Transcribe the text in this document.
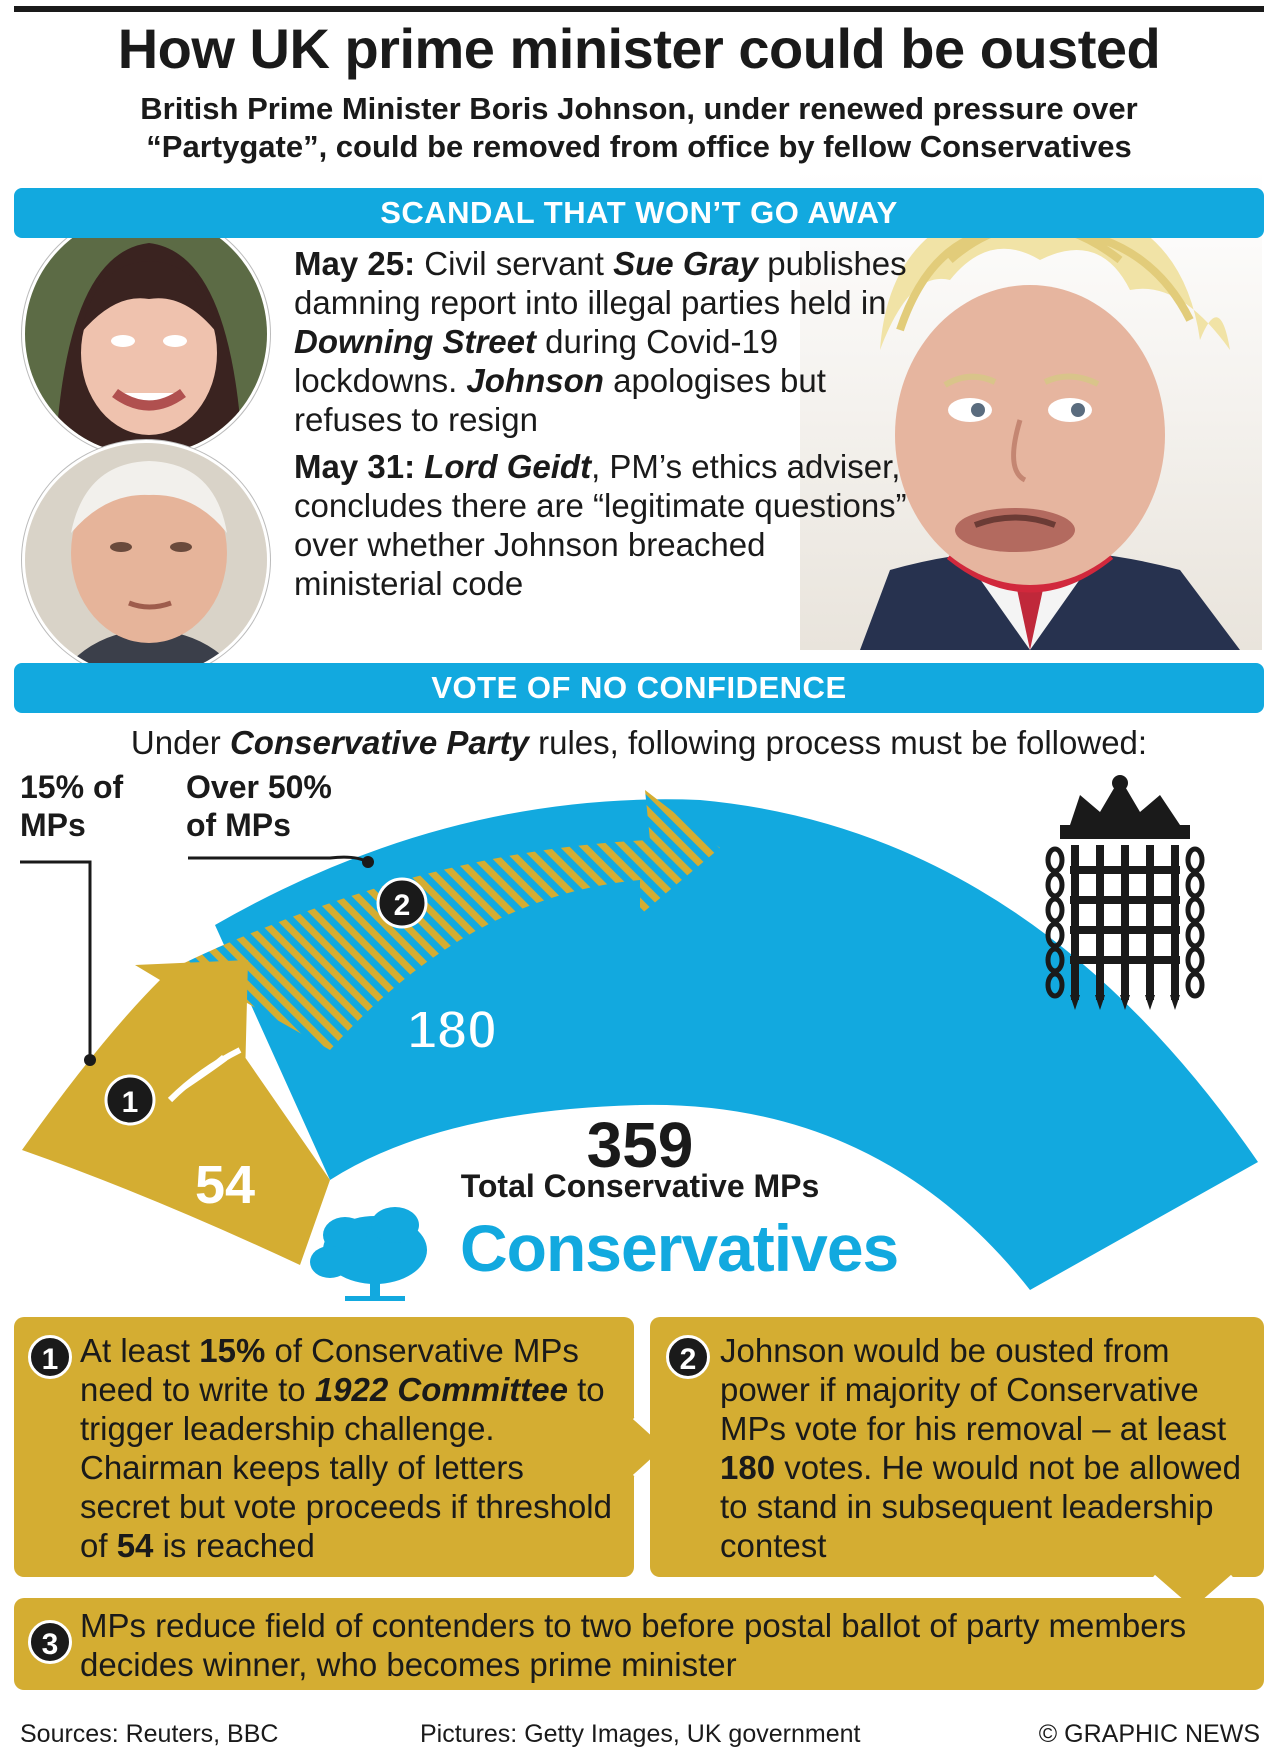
How UK prime minister could be ousted
British Prime Minister Boris Johnson, under renewed pressure over
“Partygate”, could be removed from office by fellow Conservatives
SCANDAL THAT WON’T GO AWAY

May 25: Civil servant Sue Gray publishes damning report into illegal parties held in Downing Street during Covid-19 lockdowns. Johnson apologises but refuses to resign

May 31: Lord Geidt, PM’s ethics adviser, concludes there are “legitimate questions” over whether Johnson breached ministerial code

VOTE OF NO CONFIDENCE
Under Conservative Party rules, following process must be followed:
1
2
54
180
15% of
MPs
Over 50%
of MPs
359
Total Conservative MPs
Conservatives
1 At least 15% of Conservative MPs need to write to 1922 Committee to trigger leadership challenge. Chairman keeps tally of letters secret but vote proceeds if threshold of 54 is reached
2 Johnson would be ousted from power if majority of Conservative MPs vote for his removal – at least 180 votes. He would not be allowed to stand in subsequent leadership contest
3
MPs reduce field of contenders to two before postal ballot of party members decides winner, who becomes prime minister
Sources: Reuters, BBC	Pictures: Getty Images, UK government	© GRAPHIC NEWS
